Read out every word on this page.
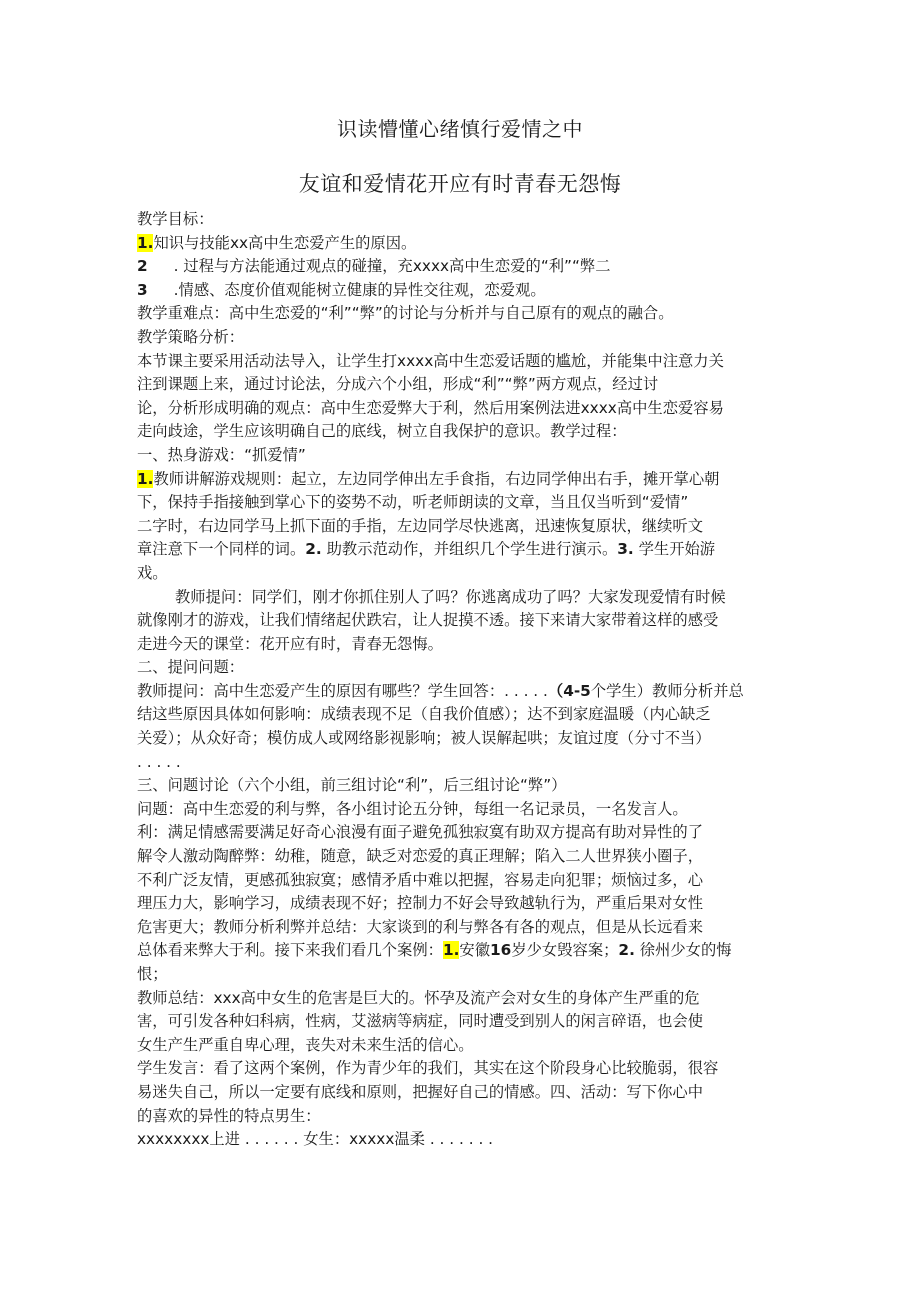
识读懵懂心绪慎行爱情之中
友谊和爱情花开应有时青春无怨悔
教学目标：
1.知识与技能xx高中生恋爱产生的原因。
2 . 过程与方法能通过观点的碰撞，充xxxx高中生恋爱的“利”“弊二
3 .情感、态度价值观能树立健康的异性交往观，恋爱观。
教学重难点：高中生恋爱的“利”“弊”的讨论与分析并与自己原有的观点的融合。
教学策略分析：
本节课主要采用活动法导入，让学生打xxxx高中生恋爱话题的尴尬，并能集中注意力关
注到课题上来，通过讨论法，分成六个小组，形成“利”“弊”两方观点，经过讨
论，分析形成明确的观点：高中生恋爱弊大于利，然后用案例法进xxxx高中生恋爱容易
走向歧途，学生应该明确自己的底线，树立自我保护的意识。教学过程：
一、热身游戏：“抓爱情”
1.教师讲解游戏规则：起立，左边同学伸出左手食指，右边同学伸出右手，摊开掌心朝
下，保持手指接触到掌心下的姿势不动，听老师朗读的文章，当且仅当听到“爱情”
二字时，右边同学马上抓下面的手指，左边同学尽快逃离，迅速恢复原状，继续听文
章注意下一个同样的词。2. 助教示范动作，并组织几个学生进行演示。3. 学生开始游
戏。
教师提问：同学们，刚才你抓住别人了吗？你逃离成功了吗？大家发现爱情有时候
就像刚才的游戏，让我们情绪起伏跌宕，让人捉摸不透。接下来请大家带着这样的感受
走进今天的课堂：花开应有时，青春无怨悔。
二、提问问题：
教师提问：高中生恋爱产生的原因有哪些？学生回答：. . . . .（4-5个学生）教师分析并总
结这些原因具体如何影响：成绩表现不足（自我价值感）；达不到家庭温暖（内心缺乏
关爱）；从众好奇；模仿成人或网络影视影响；被人误解起哄；友谊过度（分寸不当）
. . . . .
三、问题讨论（六个小组，前三组讨论“利”，后三组讨论“弊”）
问题：高中生恋爱的利与弊，各小组讨论五分钟，每组一名记录员，一名发言人。
利：满足情感需要满足好奇心浪漫有面子避免孤独寂寞有助双方提高有助对异性的了
解令人激动陶醉弊：幼稚，随意，缺乏对恋爱的真正理解；陷入二人世界狭小圈子，
不利广泛友情，更感孤独寂寞；感情矛盾中难以把握，容易走向犯罪；烦恼过多，心
理压力大，影响学习，成绩表现不好；控制力不好会导致越轨行为，严重后果对女性
危害更大；教师分析利弊并总结：大家谈到的利与弊各有各的观点，但是从长远看来
总体看来弊大于利。接下来我们看几个案例：1.安徽16岁少女毁容案；2. 徐州少女的悔
恨；
教师总结：xxx高中女生的危害是巨大的。怀孕及流产会对女生的身体产生严重的危
害，可引发各种妇科病，性病，艾滋病等病症，同时遭受到别人的闲言碎语，也会使
女生产生严重自卑心理，丧失对未来生活的信心。
学生发言：看了这两个案例，作为青少年的我们，其实在这个阶段身心比较脆弱，很容
易迷失自己，所以一定要有底线和原则，把握好自己的情感。四、活动：写下你心中
的喜欢的异性的特点男生：
xxxxxxxx上进 . . . . . . 女生：xxxxx温柔 . . . . . . .
